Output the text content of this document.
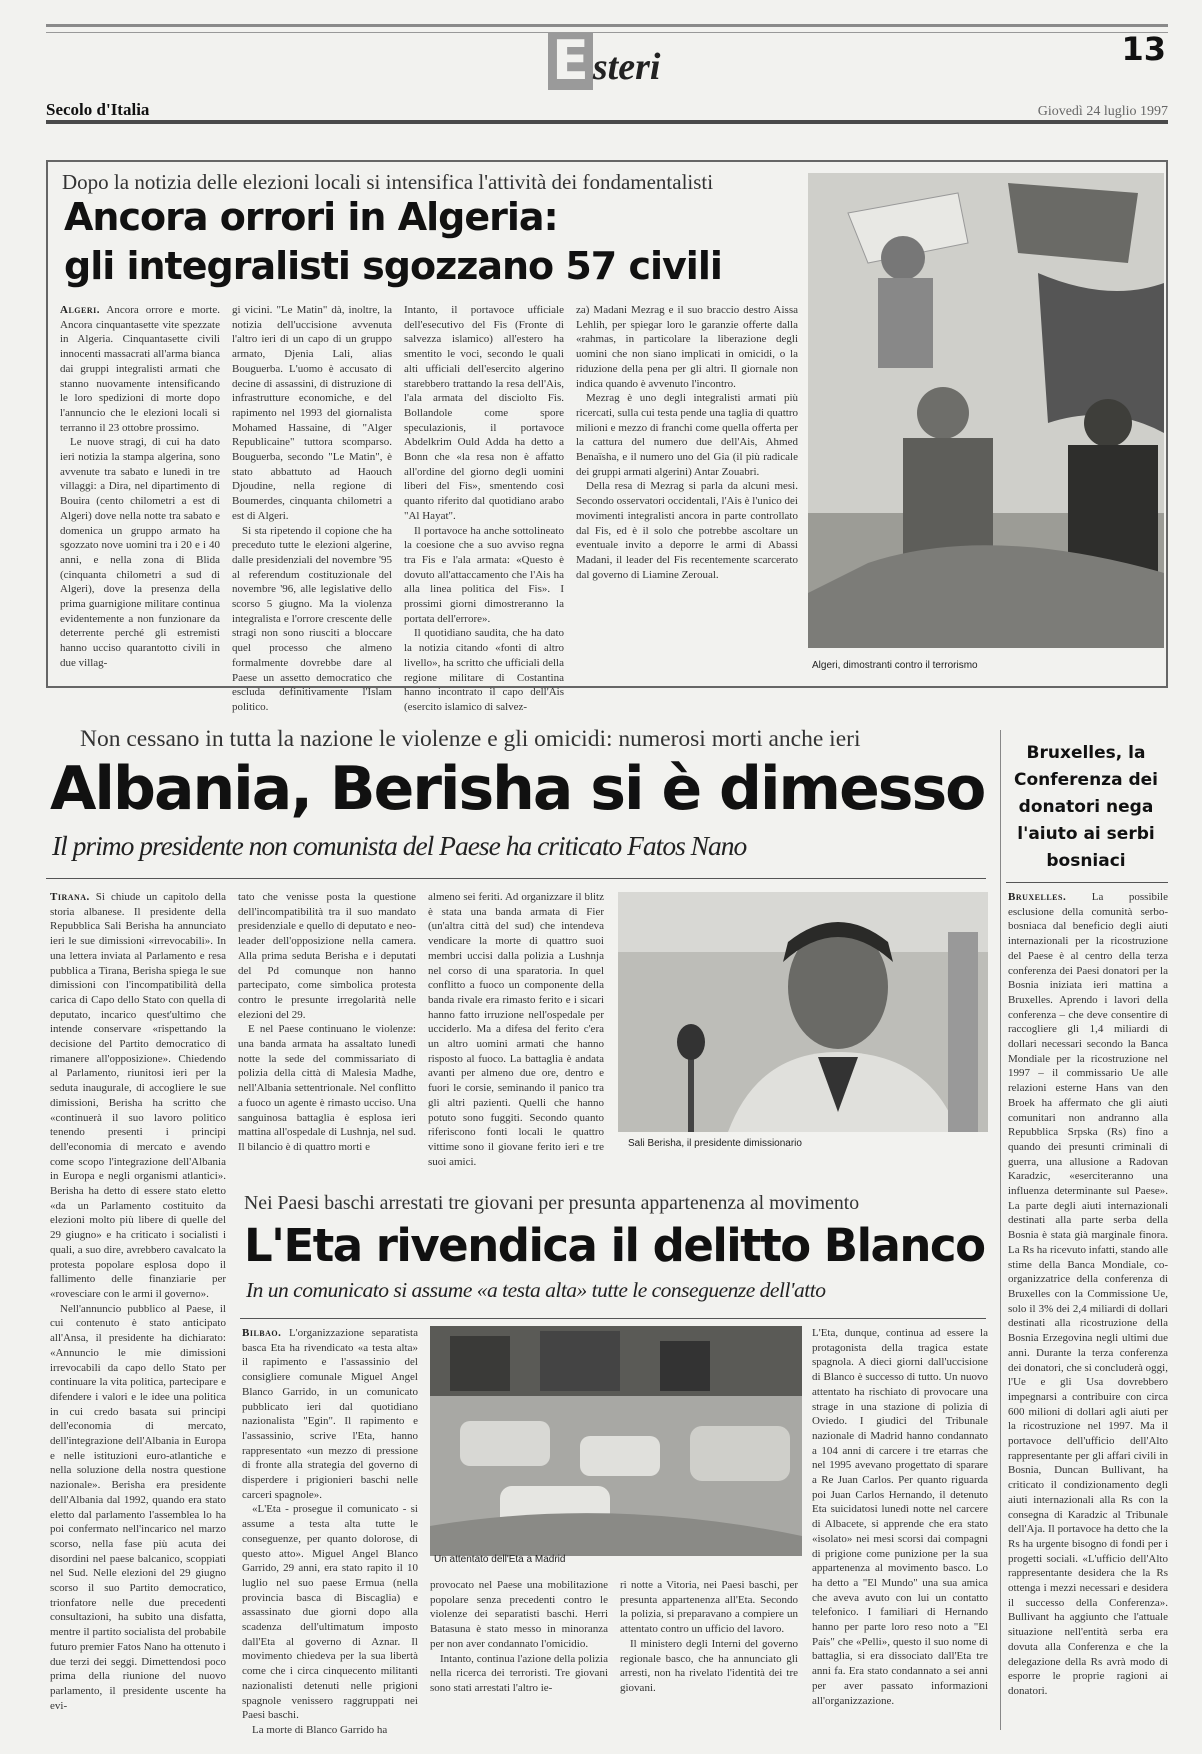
E steri	13
Secolo d'Italia	Giovedì 24 luglio 1997
Dopo la notizia delle elezioni locali si intensifica l'attività dei fondamentalisti
Ancora orrori in Algeria:
gli integralisti sgozzano 57 civili

Algeri. Ancora orrore e morte. Ancora cinquantasette vite spezzate in Algeria. Cinquantasette civili innocenti massacrati all'arma bianca dai gruppi integralisti armati che stanno nuovamente intensificando le loro spedizioni di morte dopo l'annuncio che le elezioni locali si terranno il 23 ottobre prossimo.

Le nuove stragi, di cui ha dato ieri notizia la stampa algerina, sono avvenute tra sabato e lunedì in tre villaggi: a Dira, nel dipartimento di Bouira (cento chilometri a est di Algeri) dove nella notte tra sabato e domenica un gruppo armato ha sgozzato nove uomini tra i 20 e i 40 anni, e nella zona di Blida (cinquanta chilometri a sud di Algeri), dove la presenza della prima guarnigione militare continua evidentemente a non funzionare da deterrente perché gli estremisti hanno ucciso quarantotto civili in due villag-

gi vicini. "Le Matin" dà, inoltre, la notizia dell'uccisione avvenuta l'altro ieri di un capo di un gruppo armato, Djenia Lali, alias Bouguerba. L'uomo è accusato di decine di assassini, di distruzione di infrastrutture economiche, e del rapimento nel 1993 del giornalista Mohamed Hassaine, di "Alger Republicaine" tuttora scomparso. Bouguerba, secondo "Le Matin", è stato abbattuto ad Haouch Djoudine, nella regione di Boumerdes, cinquanta chilometri a est di Algeri.

Si sta ripetendo il copione che ha preceduto tutte le elezioni algerine, dalle presidenziali del novembre '95 al referendum costituzionale del novembre '96, alle legislative dello scorso 5 giugno. Ma la violenza integralista e l'orrore crescente delle stragi non sono riusciti a bloccare quel processo che almeno formalmente dovrebbe dare al Paese un assetto democratico che escluda definitivamente l'Islam politico.

Intanto, il portavoce ufficiale dell'esecutivo del Fis (Fronte di salvezza islamico) all'estero ha smentito le voci, secondo le quali alti ufficiali dell'esercito algerino starebbero trattando la resa dell'Ais, l'ala armata del disciolto Fis. Bollandole come spore speculazionis, il portavoce Abdelkrim Ould Adda ha detto a Bonn che «la resa non è affatto all'ordine del giorno degli uomini liberi del Fis», smentendo così quanto riferito dal quotidiano arabo "Al Hayat".

Il portavoce ha anche sottolineato la coesione che a suo avviso regna tra Fis e l'ala armata: «Questo è dovuto all'attaccamento che l'Ais ha alla linea politica del Fis». I prossimi giorni dimostreranno la portata dell'errore».

Il quotidiano saudita, che ha dato la notizia citando «fonti di altro livello», ha scritto che ufficiali della regione militare di Costantina hanno incontrato il capo dell'Ais (esercito islamico di salvez-

za) Madani Mezrag e il suo braccio destro Aissa Lehlih, per spiegar loro le garanzie offerte dalla «rahmas, in particolare la liberazione degli uomini che non siano implicati in omicidi, o la riduzione della pena per gli altri. Il giornale non indica quando è avvenuto l'incontro.

Mezrag è uno degli integralisti armati più ricercati, sulla cui testa pende una taglia di quattro milioni e mezzo di franchi come quella offerta per la cattura del numero due dell'Ais, Ahmed Benaïsha, e il numero uno del Gia (il più radicale dei gruppi armati algerini) Antar Zouabri.

Della resa di Mezrag si parla da alcuni mesi. Secondo osservatori occidentali, l'Ais è l'unico dei movimenti integralisti ancora in parte controllato dal Fis, ed è il solo che potrebbe ascoltare un eventuale invito a deporre le armi di Abassi Madani, il leader del Fis recentemente scarcerato dal governo di Liamine Zeroual.

Algeri, dimostranti contro il terrorismo
Non cessano in tutta la nazione le violenze e gli omicidi: numerosi morti anche ieri
Albania, Berisha si è dimesso
Il primo presidente non comunista del Paese ha criticato Fatos Nano

Tirana. Si chiude un capitolo della storia albanese. Il presidente della Repubblica Sali Berisha ha annunciato ieri le sue dimissioni «irrevocabili». In una lettera inviata al Parlamento e resa pubblica a Tirana, Berisha spiega le sue dimissioni con l'incompatibilità della carica di Capo dello Stato con quella di deputato, incarico quest'ultimo che intende conservare «rispettando la decisione del Partito democratico di rimanere all'opposizione». Chiedendo al Parlamento, riunitosi ieri per la seduta inaugurale, di accogliere le sue dimissioni, Berisha ha scritto che «continuerà il suo lavoro politico tenendo presenti i principi dell'economia di mercato e avendo come scopo l'integrazione dell'Albania in Europa e negli organismi atlantici». Berisha ha detto di essere stato eletto «da un Parlamento costituito da elezioni molto più libere di quelle del 29 giugno» e ha criticato i socialisti i quali, a suo dire, avrebbero cavalcato la protesta popolare esplosa dopo il fallimento delle finanziarie per «rovesciare con le armi il governo».

Nell'annuncio pubblico al Paese, il cui contenuto è stato anticipato all'Ansa, il presidente ha dichiarato: «Annuncio le mie dimissioni irrevocabili da capo dello Stato per continuare la vita politica, partecipare e difendere i valori e le idee una politica in cui credo basata sui principi dell'economia di mercato, dell'integrazione dell'Albania in Europa e nelle istituzioni euro-atlantiche e nella soluzione della nostra questione nazionale». Berisha era presidente dell'Albania dal 1992, quando era stato eletto dal parlamento l'assemblea lo ha poi confermato nell'incarico nel marzo scorso, nella fase più acuta dei disordini nel paese balcanico, scoppiati nel Sud. Nelle elezioni del 29 giugno scorso il suo Partito democratico, trionfatore nelle due precedenti consultazioni, ha subito una disfatta, mentre il partito socialista del probabile futuro premier Fatos Nano ha ottenuto i due terzi dei seggi. Dimettendosi poco prima della riunione del nuovo parlamento, il presidente uscente ha evi-

tato che venisse posta la questione dell'incompatibilità tra il suo mandato presidenziale e quello di deputato e neo-leader dell'opposizione nella camera. Alla prima seduta Berisha e i deputati del Pd comunque non hanno partecipato, come simbolica protesta contro le presunte irregolarità nelle elezioni del 29.

E nel Paese continuano le violenze: una banda armata ha assaltato lunedì notte la sede del commissariato di polizia della città di Malesia Madhe, nell'Albania settentrionale. Nel conflitto a fuoco un agente è rimasto ucciso. Una sanguinosa battaglia è esplosa ieri mattina all'ospedale di Lushnja, nel sud. Il bilancio è di quattro morti e

almeno sei feriti. Ad organizzare il blitz è stata una banda armata di Fier (un'altra città del sud) che intendeva vendicare la morte di quattro suoi membri uccisi dalla polizia a Lushnja nel corso di una sparatoria. In quel conflitto a fuoco un componente della banda rivale era rimasto ferito e i sicari hanno fatto irruzione nell'ospedale per ucciderlo. Ma a difesa del ferito c'era un altro uomini armati che hanno risposto al fuoco. La battaglia è andata avanti per almeno due ore, dentro e fuori le corsie, seminando il panico tra gli altri pazienti. Quelli che hanno potuto sono fuggiti. Secondo quanto riferiscono fonti locali le quattro vittime sono il giovane ferito ieri e tre suoi amici.

Sali Berisha, il presidente dimissionario
Bruxelles, la Conferenza dei donatori nega l'aiuto ai serbi bosniaci

Bruxelles. La possibile esclusione della comunità serbo-bosniaca dal beneficio degli aiuti internazionali per la ricostruzione del Paese è al centro della terza conferenza dei Paesi donatori per la Bosnia iniziata ieri mattina a Bruxelles. Aprendo i lavori della conferenza – che deve consentire di raccogliere gli 1,4 miliardi di dollari necessari secondo la Banca Mondiale per la ricostruzione nel 1997 – il commissario Ue alle relazioni esterne Hans van den Broek ha affermato che gli aiuti comunitari non andranno alla Repubblica Srpska (Rs) fino a quando dei presunti criminali di guerra, una allusione a Radovan Karadzic, «eserciteranno una influenza determinante sul Paese». La parte degli aiuti internazionali destinati alla parte serba della Bosnia è stata già marginale finora. La Rs ha ricevuto infatti, stando alle stime della Banca Mondiale, co- organizzatrice della conferenza di Bruxelles con la Commissione Ue, solo il 3% dei 2,4 miliardi di dollari destinati alla ricostruzione della Bosnia Erzegovina negli ultimi due anni. Durante la terza conferenza dei donatori, che si concluderà oggi, l'Ue e gli Usa dovrebbero impegnarsi a contribuire con circa 600 milioni di dollari agli aiuti per la ricostruzione nel 1997. Ma il portavoce dell'ufficio dell'Alto rappresentante per gli affari civili in Bosnia, Duncan Bullivant, ha criticato il condizionamento degli aiuti internazionali alla Rs con la consegna di Karadzic al Tribunale dell'Aja. Il portavoce ha detto che la Rs ha urgente bisogno di fondi per i progetti sociali. «L'ufficio dell'Alto rappresentante desidera che la Rs ottenga i mezzi necessari e desidera il successo della Conferenza». Bullivant ha aggiunto che l'attuale situazione nell'entità serba era dovuta alla Conferenza e che la delegazione della Rs avrà modo di esporre le proprie ragioni ai donatori.

Nei Paesi baschi arrestati tre giovani per presunta appartenenza al movimento
L'Eta rivendica il delitto Blanco
In un comunicato si assume «a testa alta» tutte le conseguenze dell'atto

Bilbao. L'organizzazione separatista basca Eta ha rivendicato «a testa alta» il rapimento e l'assassinio del consigliere comunale Miguel Angel Blanco Garrido, in un comunicato pubblicato ieri dal quotidiano nazionalista "Egin". Il rapimento e l'assassinio, scrive l'Eta, hanno rappresentato «un mezzo di pressione di fronte alla strategia del governo di disperdere i prigionieri baschi nelle carceri spagnole».

«L'Eta - prosegue il comunicato - si assume a testa alta tutte le conseguenze, per quanto dolorose, di questo atto». Miguel Angel Blanco Garrido, 29 anni, era stato rapito il 10 luglio nel suo paese Ermua (nella provincia basca di Biscaglia) e assassinato due giorni dopo alla scadenza dell'ultimatum imposto dall'Eta al governo di Aznar. Il movimento chiedeva per la sua libertà come che i circa cinquecento militanti nazionalisti detenuti nelle prigioni spagnole venissero raggruppati nei Paesi baschi.

La morte di Blanco Garrido ha

Un attentato dell'Eta a Madrid

provocato nel Paese una mobilitazione popolare senza precedenti contro le violenze dei separatisti baschi. Herri Batasuna è stato messo in minoranza per non aver condannato l'omicidio.

Intanto, continua l'azione della polizia nella ricerca dei terroristi. Tre giovani sono stati arrestati l'altro ie-

ri notte a Vitoria, nei Paesi baschi, per presunta appartenenza all'Eta. Secondo la polizia, si preparavano a compiere un attentato contro un ufficio del lavoro.

Il ministero degli Interni del governo regionale basco, che ha annunciato gli arresti, non ha rivelato l'identità dei tre giovani.

L'Eta, dunque, continua ad essere la protagonista della tragica estate spagnola. A dieci giorni dall'uccisione di Blanco è successo di tutto. Un nuovo attentato ha rischiato di provocare una strage in una stazione di polizia di Oviedo. I giudici del Tribunale nazionale di Madrid hanno condannato a 104 anni di carcere i tre etarras che nel 1995 avevano progettato di sparare a Re Juan Carlos. Per quanto riguarda poi Juan Carlos Hernando, il detenuto Eta suicidatosi lunedì notte nel carcere di Albacete, si apprende che era stato «isolato» nei mesi scorsi dai compagni di prigione come punizione per la sua appartenenza al movimento basco. Lo ha detto a "El Mundo" una sua amica che aveva avuto con lui un contatto telefonico. I familiari di Hernando hanno per parte loro reso noto a "El País" che «Pelli», questo il suo nome di battaglia, si era dissociato dall'Eta tre anni fa. Era stato condannato a sei anni per aver passato informazioni all'organizzazione.
